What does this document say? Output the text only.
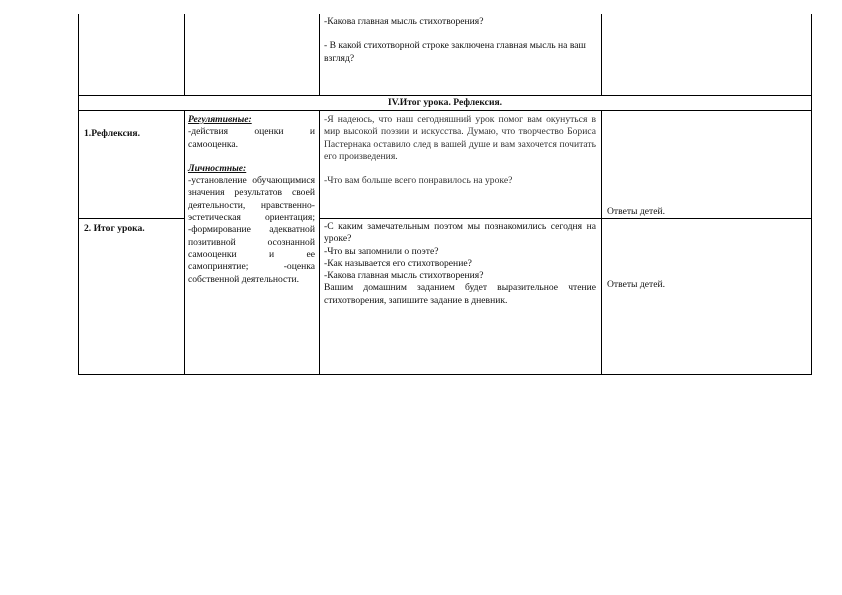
-Какова главная мысль стихотворения?

- В какой стихотворной строке заключена главная мысль на ваш взгляд?

IV.Итог урока. Рефлексия.
1.Рефлексия.

Регулятивные:

-действия оценки и самооценка.

Личностные:

-установление обучающимися значения результатов своей деятельности, нравственно-эстетическая ориентация; -формирование адекватной позитивной осознанной самооценки и ее самопринятие; -оценка собственной деятельности.

-Я надеюсь, что наш сегодняшний урок помог вам окунуться в мир высокой поэзии и искусства. Думаю, что творчество Бориса Пастернака оставило след в вашей душе и вам захочется почитать его произведения.

-Что вам больше всего понравилось на уроке?

Ответы детей.
2. Итог урока.	-С каким замечательным поэтом мы познакомились сегодня на уроке?

-Что вы запомнили о поэте?

-Как называется его стихотворение?

-Какова главная мысль стихотворения?

Вашим домашним заданием будет выразительное чтение стихотворения, запишите задание в дневник.

Ответы детей.
